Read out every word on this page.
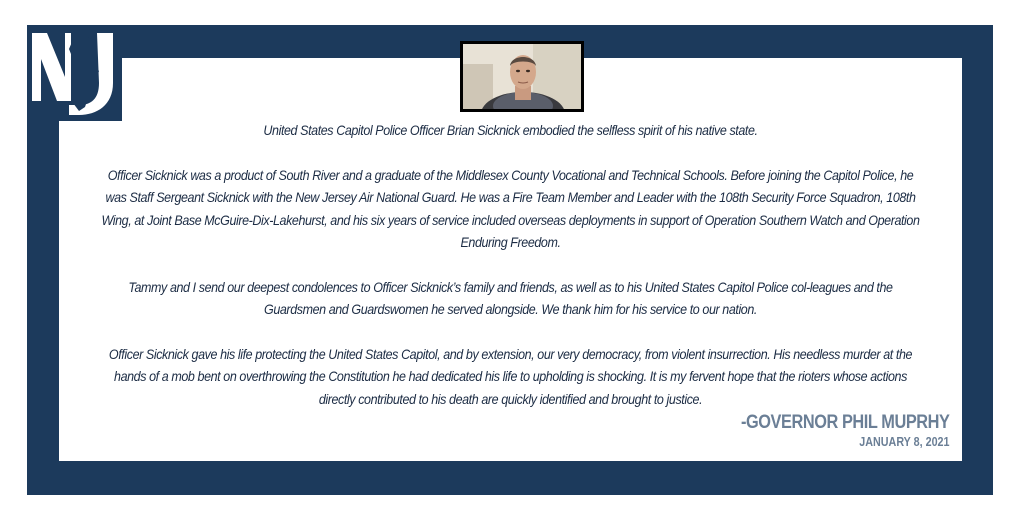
United States Capitol Police Officer Brian Sicknick embodied the selfless spirit of his native state.

Officer Sicknick was a product of South River and a graduate of the Middlesex County Vocational and Technical Schools. Before joining the Capitol Police, he was Staff Sergeant Sicknick with the New Jersey Air National Guard. He was a Fire Team Member and Leader with the 108th Security Force Squadron, 108th Wing, at Joint Base McGuire-Dix-Lakehurst, and his six years of service included overseas deployments in support of Operation Southern Watch and Operation Enduring Freedom.

Tammy and I send our deepest condolences to Officer Sicknick’s family and friends, as well as to his United States Capitol Police col-leagues and the Guardsmen and Guardswomen he served alongside. We thank him for his service to our nation.

Officer Sicknick gave his life protecting the United States Capitol, and by extension, our very democracy, from violent insurrection. His needless murder at the hands of a mob bent on overthrowing the Constitution he had dedicated his life to upholding is shocking. It is my fervent hope that the rioters whose actions directly contributed to his death are quickly identified and brought to justice.

-GOVERNOR PHIL MUPRHY
JANUARY 8, 2021
